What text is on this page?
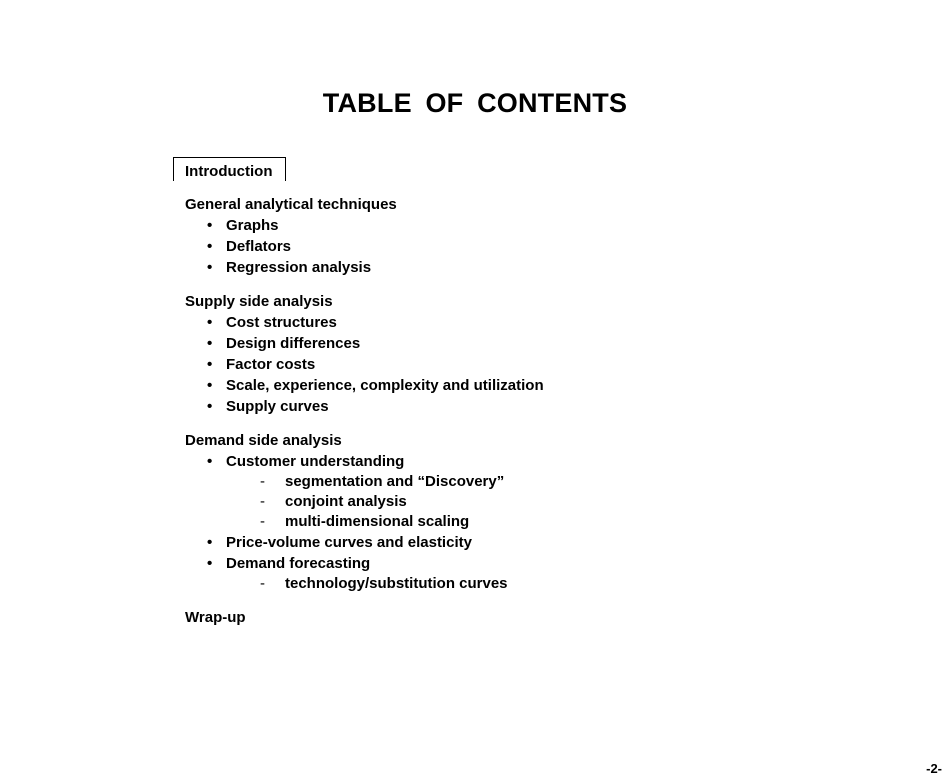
TABLE OF CONTENTS
Introduction
General analytical techniques
• Graphs
• Deflators
• Regression analysis
Supply side analysis
• Cost structures
• Design differences
• Factor costs
• Scale, experience, complexity and utilization
• Supply curves
Demand side analysis
• Customer understanding
- segmentation and “Discovery”
- conjoint analysis
- multi-dimensional scaling
• Price-volume curves and elasticity
• Demand forecasting
- technology/substitution curves
Wrap-up
-2-
